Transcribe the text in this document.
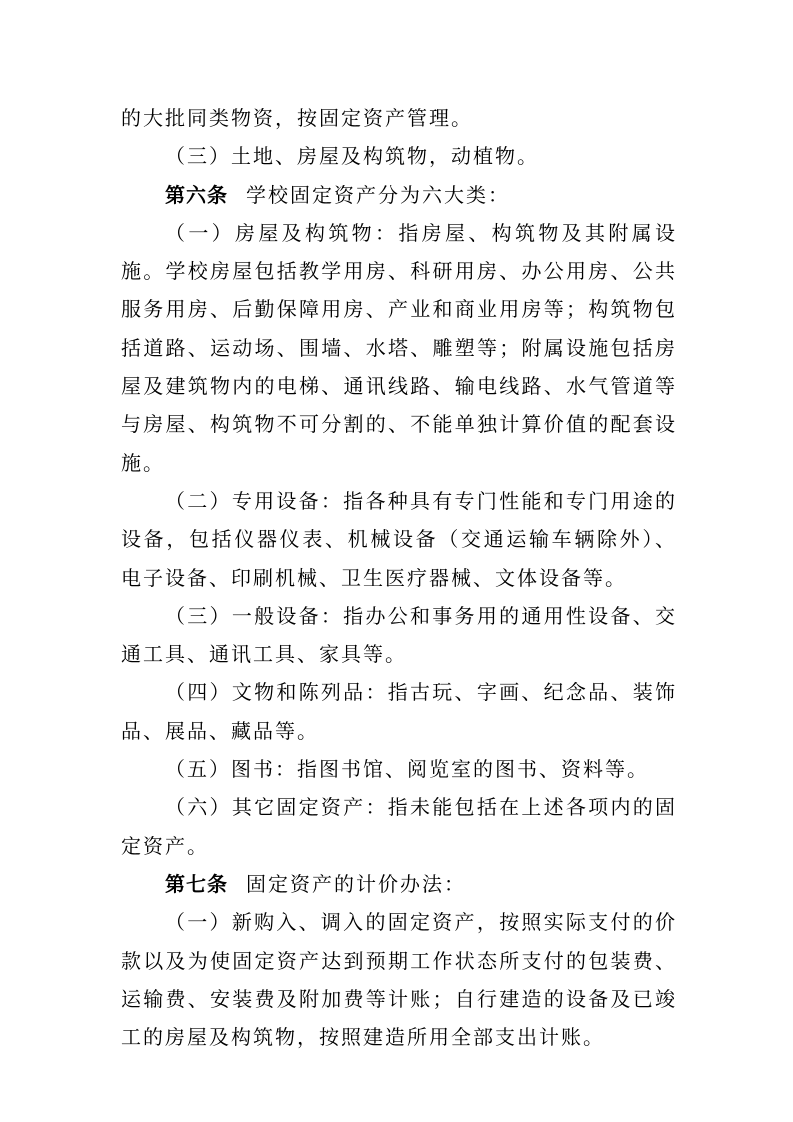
的大批同类物资，按固定资产管理。

（三）土地、房屋及构筑物，动植物。

第六条 学校固定资产分为六大类：

（一）房屋及构筑物：指房屋、构筑物及其附属设施。学校房屋包括教学用房、科研用房、办公用房、公共服务用房、后勤保障用房、产业和商业用房等；构筑物包括道路、运动场、围墙、水塔、雕塑等；附属设施包括房屋及建筑物内的电梯、通讯线路、输电线路、水气管道等与房屋、构筑物不可分割的、不能单独计算价值的配套设施。

（二）专用设备：指各种具有专门性能和专门用途的设备，包括仪器仪表、机械设备（交通运输车辆除外）、电子设备、印刷机械、卫生医疗器械、文体设备等。

（三）一般设备：指办公和事务用的通用性设备、交通工具、通讯工具、家具等。

（四）文物和陈列品：指古玩、字画、纪念品、装饰品、展品、藏品等。

（五）图书：指图书馆、阅览室的图书、资料等。

（六）其它固定资产：指未能包括在上述各项内的固定资产。

第七条 固定资产的计价办法：

（一）新购入、调入的固定资产，按照实际支付的价款以及为使固定资产达到预期工作状态所支付的包装费、运输费、安装费及附加费等计账；自行建造的设备及已竣工的房屋及构筑物，按照建造所用全部支出计账。
